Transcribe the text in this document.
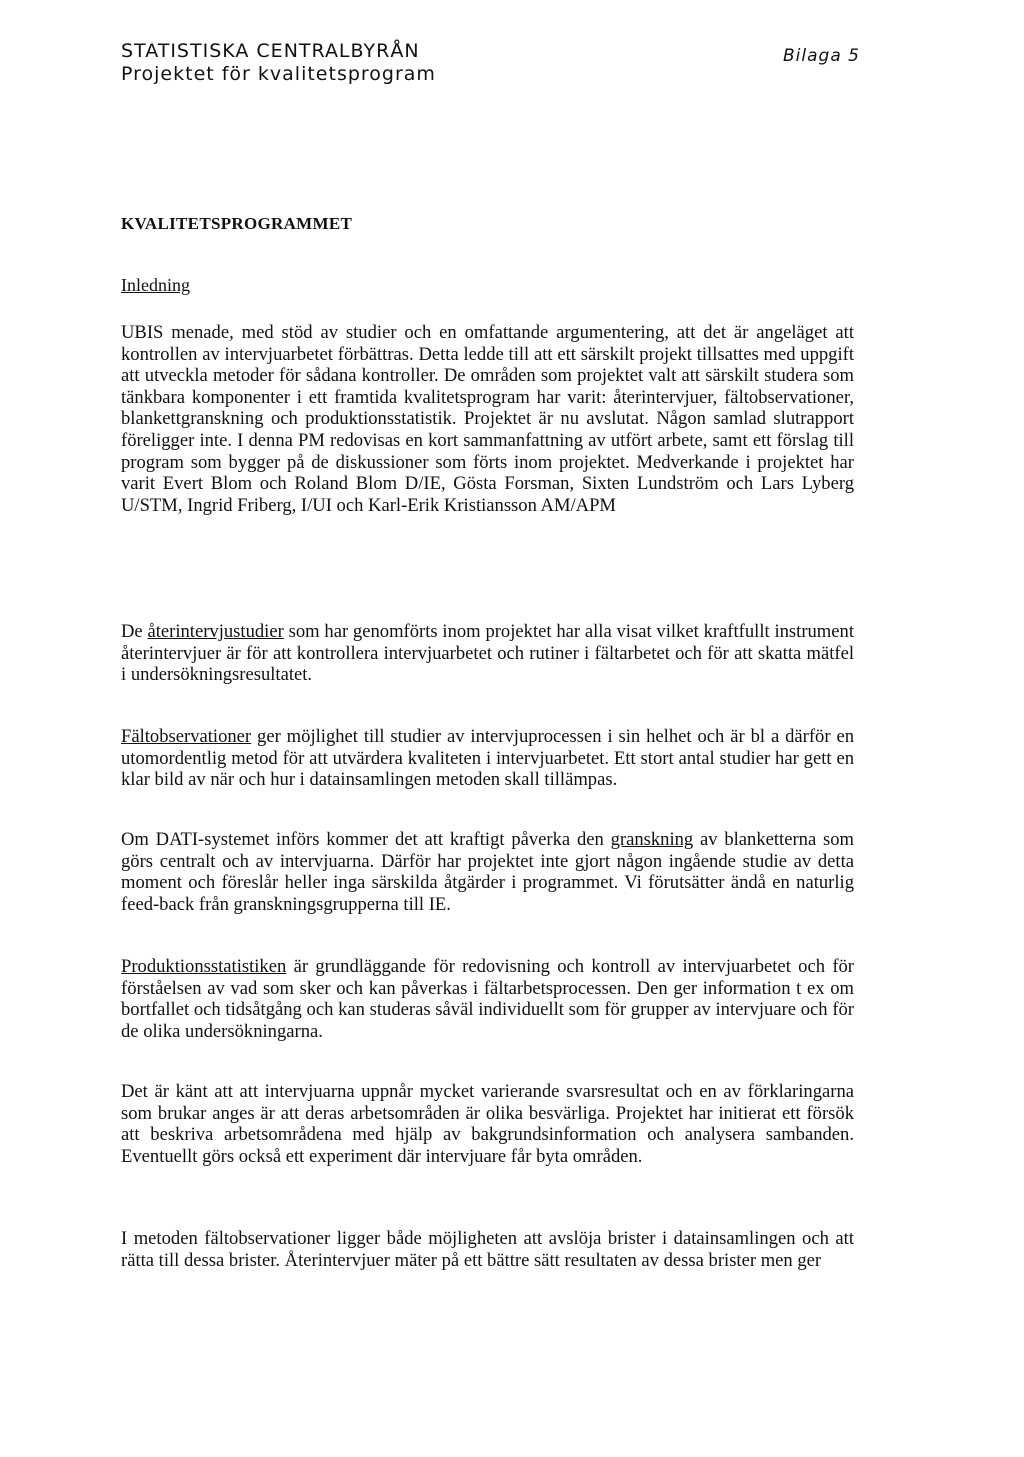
STATISTISKA CENTRALBYRÅN
Projektet för kvalitetsprogram
Bilaga 5
KVALITETSPROGRAMMET
Inledning

UBIS menade, med stöd av studier och en omfattande argumentering, att det är angeläget att kontrollen av intervjuarbetet förbättras. Detta ledde till att ett särskilt projekt tillsattes med uppgift att utveckla metoder för sådana kontroller. De områden som projektet valt att särskilt studera som tänkbara komponenter i ett framtida kvalitetsprogram har varit: återintervjuer, fältobservationer, blankettgranskning och produktionsstatistik. Projektet är nu avslutat. Någon samlad slutrapport föreligger inte. I denna PM redovisas en kort sammanfattning av utfört arbete, samt ett förslag till program som bygger på de diskussioner som förts inom projektet. Medverkande i projektet har varit Evert Blom och Roland Blom D/IE, Gösta Forsman, Sixten Lundström och Lars Lyberg U/STM, Ingrid Friberg, I/UI och Karl-Erik Kristiansson AM/APM

De återintervjustudier som har genomförts inom projektet har alla visat vilket kraftfullt instrument återintervjuer är för att kontrollera intervjuarbetet och rutiner i fältarbetet och för att skatta mätfel i undersökningsresultatet.

Fältobservationer ger möjlighet till studier av intervjuprocessen i sin helhet och är bl a därför en utomordentlig metod för att utvärdera kvaliteten i intervjuarbetet. Ett stort antal studier har gett en klar bild av när och hur i datainsamlingen metoden skall tillämpas.

Om DATI-systemet införs kommer det att kraftigt påverka den granskning av blanketterna som görs centralt och av intervjuarna. Därför har projektet inte gjort någon ingående studie av detta moment och föreslår heller inga särskilda åtgärder i programmet. Vi förutsätter ändå en naturlig feed-back från granskningsgrupperna till IE.

Produktionsstatistiken är grundläggande för redovisning och kontroll av intervjuarbetet och för förståelsen av vad som sker och kan påverkas i fältarbetsprocessen. Den ger information t ex om bortfallet och tidsåtgång och kan studeras såväl individuellt som för grupper av intervjuare och för de olika undersökningarna.

Det är känt att att intervjuarna uppnår mycket varierande svarsresultat och en av förklaringarna som brukar anges är att deras arbetsområden är olika besvärliga. Projektet har initierat ett försök att beskriva arbetsområdena med hjälp av bakgrundsinformation och analysera sambanden. Eventuellt görs också ett experiment där intervjuare får byta områden.

I metoden fältobservationer ligger både möjligheten att avslöja brister i datainsamlingen och att rätta till dessa brister. Återintervjuer mäter på ett bättre sätt resultaten av dessa brister men ger
